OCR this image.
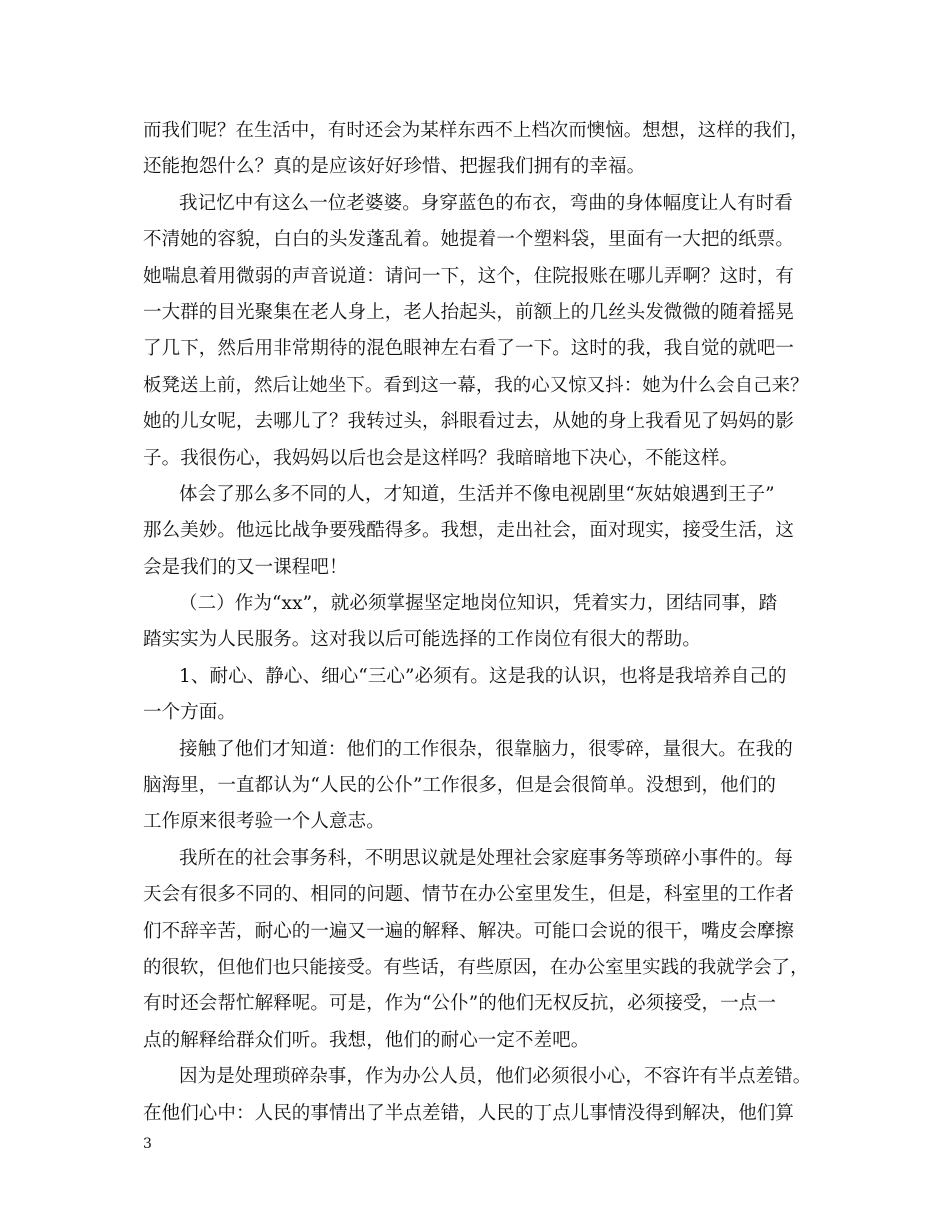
而我们呢？在生活中，有时还会为某样东西不上档次而懊恼。想想，这样的我们，
还能抱怨什么？真的是应该好好珍惜、把握我们拥有的幸福。
我记忆中有这么一位老婆婆。身穿蓝色的布衣，弯曲的身体幅度让人有时看
不清她的容貌，白白的头发蓬乱着。她提着一个塑料袋，里面有一大把的纸票。
她喘息着用微弱的声音说道：请问一下，这个，住院报账在哪儿弄啊？这时，有
一大群的目光聚集在老人身上，老人抬起头，前额上的几丝头发微微的随着摇晃
了几下，然后用非常期待的混色眼神左右看了一下。这时的我，我自觉的就吧一
板凳送上前，然后让她坐下。看到这一幕，我的心又惊又抖：她为什么会自己来？
她的儿女呢，去哪儿了？我转过头，斜眼看过去，从她的身上我看见了妈妈的影
子。我很伤心，我妈妈以后也会是这样吗？我暗暗地下决心，不能这样。
体会了那么多不同的人，才知道，生活并不像电视剧里“灰姑娘遇到王子”
那么美妙。他远比战争要残酷得多。我想，走出社会，面对现实，接受生活，这
会是我们的又一课程吧！
（二）作为“xx”，就必须掌握坚定地岗位知识，凭着实力，团结同事，踏
踏实实为人民服务。这对我以后可能选择的工作岗位有很大的帮助。
1、耐心、静心、细心“三心”必须有。这是我的认识，也将是我培养自己的
一个方面。
接触了他们才知道：他们的工作很杂，很靠脑力，很零碎，量很大。在我的
脑海里，一直都认为“人民的公仆”工作很多，但是会很简单。没想到，他们的
工作原来很考验一个人意志。
我所在的社会事务科，不明思议就是处理社会家庭事务等琐碎小事件的。每
天会有很多不同的、相同的问题、情节在办公室里发生，但是，科室里的工作者
们不辞辛苦，耐心的一遍又一遍的解释、解决。可能口会说的很干，嘴皮会摩擦
的很软，但他们也只能接受。有些话，有些原因，在办公室里实践的我就学会了，
有时还会帮忙解释呢。可是，作为“公仆”的他们无权反抗，必须接受，一点一
点的解释给群众们听。我想，他们的耐心一定不差吧。
因为是处理琐碎杂事，作为办公人员，他们必须很小心，不容许有半点差错。
在他们心中：人民的事情出了半点差错，人民的丁点儿事情没得到解决，他们算
3
